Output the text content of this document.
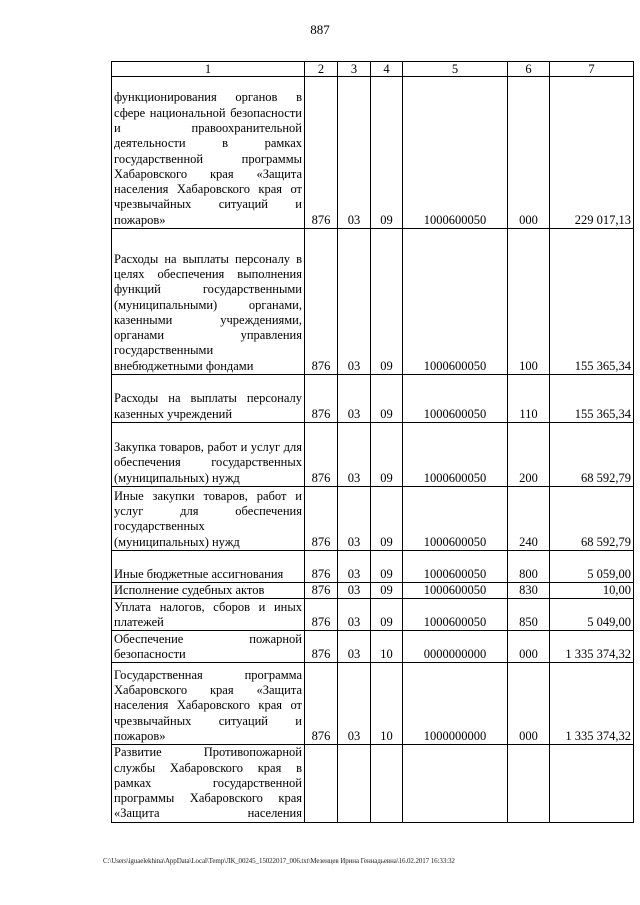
887
1	2	3	4	5	6	7
функционирования органов в сфере национальной безопасности и правоохранительной деятельности в рамках государственной программы Хабаровского края «Защита населения Хабаровского края от чрезвычайных ситуаций и пожаров»	876	03	09	1000600050	000	229 017,13
Расходы на выплаты персоналу в целях обеспечения выполнения функций государственными (муниципальными) органами, казенными учреждениями, органами управления государственными внебюджетными фондами	876	03	09	1000600050	100	155 365,34
Расходы на выплаты персоналу казенных учреждений	876	03	09	1000600050	110	155 365,34
Закупка товаров, работ и услуг для обеспечения государственных (муниципальных) нужд	876	03	09	1000600050	200	68 592,79
Иные закупки товаров, работ и услуг для обеспечения государственных (муниципальных) нужд	876	03	09	1000600050	240	68 592,79
Иные бюджетные ассигнования	876	03	09	1000600050	800	5 059,00
Исполнение судебных актов	876	03	09	1000600050	830	10,00
Уплата налогов, сборов и иных платежей	876	03	09	1000600050	850	5 049,00
Обеспечение пожарной безопасности	876	03	10	0000000000	000	1 335 374,32
Государственная программа Хабаровского края «Защита населения Хабаровского края от чрезвычайных ситуаций и пожаров»	876	03	10	1000000000	000	1 335 374,32
Развитие Противопожарной службы Хабаровского края в рамках государственной программы Хабаровского края «Защита населения						
C:\Users\iguaelekhina\AppData\Local\Temp\ЛК_00245_15022017_006.txt\Мезенцев Ирина Геннадьевна\16.02.2017 16:33:32
